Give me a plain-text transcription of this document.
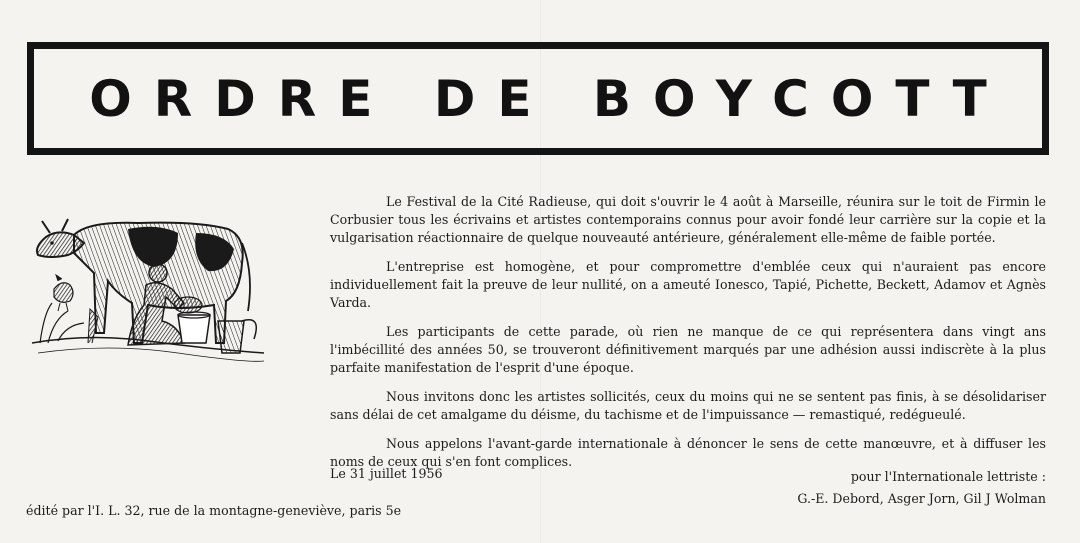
ORDRE DE BOYCOTT

Le Festival de la Cité Radieuse, qui doit s'ouvrir le 4 août à Marseille, réunira sur le toit de Firmin le Corbusier tous les écrivains et artistes contemporains connus pour avoir fondé leur carrière sur la copie et la vulgarisation réactionnaire de quelque nouveauté antérieure, généralement elle-même de faible portée.

L'entreprise est homogène, et pour compromettre d'emblée ceux qui n'auraient pas encore individuellement fait la preuve de leur nullité, on a ameuté Ionesco, Tapié, Pichette, Beckett, Adamov et Agnès Varda.

Les participants de cette parade, où rien ne manque de ce qui représentera dans vingt ans l'imbécillité des années 50, se trouveront définitivement marqués par une adhésion aussi indiscrète à la plus parfaite manifestation de l'esprit d'une époque.

Nous invitons donc les artistes sollicités, ceux du moins qui ne se sentent pas finis, à se désolidariser sans délai de cet amalgame du déisme, du tachisme et de l'impuissance — remastiqué, redégueulé.

Nous appelons l'avant-garde internationale à dénoncer le sens de cette manœuvre, et à diffuser les noms de ceux qui s'en font complices.

Le 31 juillet 1956	pour l'Internationale lettriste :
G.-E. Debord, Asger Jorn, Gil J Wolman
édité par l'I. L. 32, rue de la montagne-geneviève, paris 5e
